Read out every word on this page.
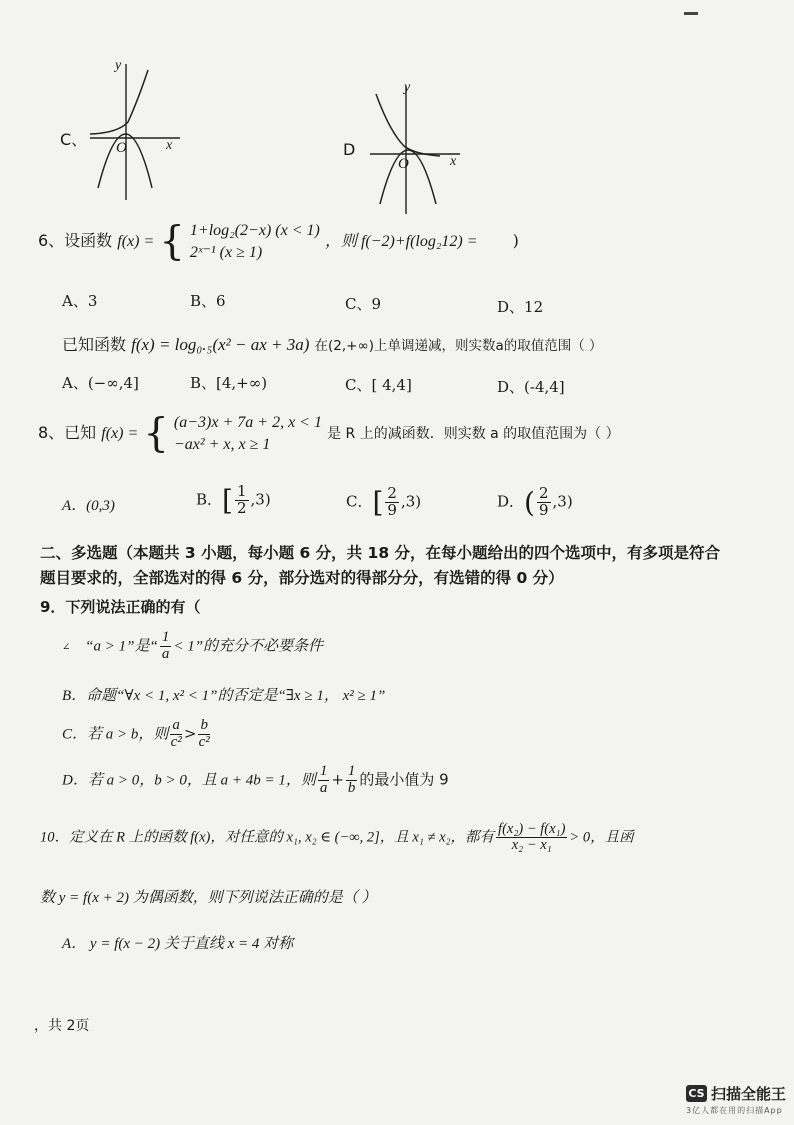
y
x
O
C、
y
x
O
D
6、设函数 f(x) = { 1+log₂(2−x) (x < 1)
2ˣ⁻¹ (x ≥ 1)
，则 f(−2)+f(log₂12) = )
A、3	B、6	C、9	D、12
已知函数 f(x) = log₀.₅(x² − ax + 3a) 在(2,+∞)上单调递减，则实数a的取值范围（ ）
A、(−∞,4]	B、[4,+∞)	C、[ 4,4]	D、(-4,4]
8、已知 f(x) = { (a−3)x + 7a + 2, x < 1
−ax² + x, x ≥ 1
是 R 上的减函数．则实数 a 的取值范围为（ ）
A．(0,3)	B．[ $\frac{1}{2} ,3$)	C．[ $\frac{2}{9} ,3$)	D．( $\frac{2}{9} ,3$)
二、多选题（本题共 3 小题，每小题 6 分，共 18 分，在每小题给出的四个选项中，有多项是符合
题目要求的，全部选对的得 6 分，部分选对的得部分分，有选错的得 0 分）
9．下列说法正确的有（
∠ “a > 1”是“ $\frac{1}{a} < 1$”的充分不必要条件
B．命题“∀x < 1, x² < 1”的否定是“∃x ≥ 1， x² ≥ 1”
C．若 a > b，则 $\frac{a}{\text{c²}} > \frac{b}{\text{c²}}$
D．若 a > 0，b > 0，且 a + 4b = 1，则 $\frac{1}{a} + \frac{1}{b}$ 的最小值为 9
10．定义在 R 上的函数 f(x)，对任意的 x₁, x₂ ∈ (−∞, 2]，且 x₁ ≠ x₂，都有 $\frac{\text{f(x₂) − f(x₁)}}{\text{x₂ − x₁}} > 0$，且函
数 y = f(x + 2) 为偶函数，则下列说法正确的是（ ）
A． y = f(x − 2) 关于直线 x = 4 对称
，共 2页
CS 扫描全能王
3亿人都在用的扫描App
